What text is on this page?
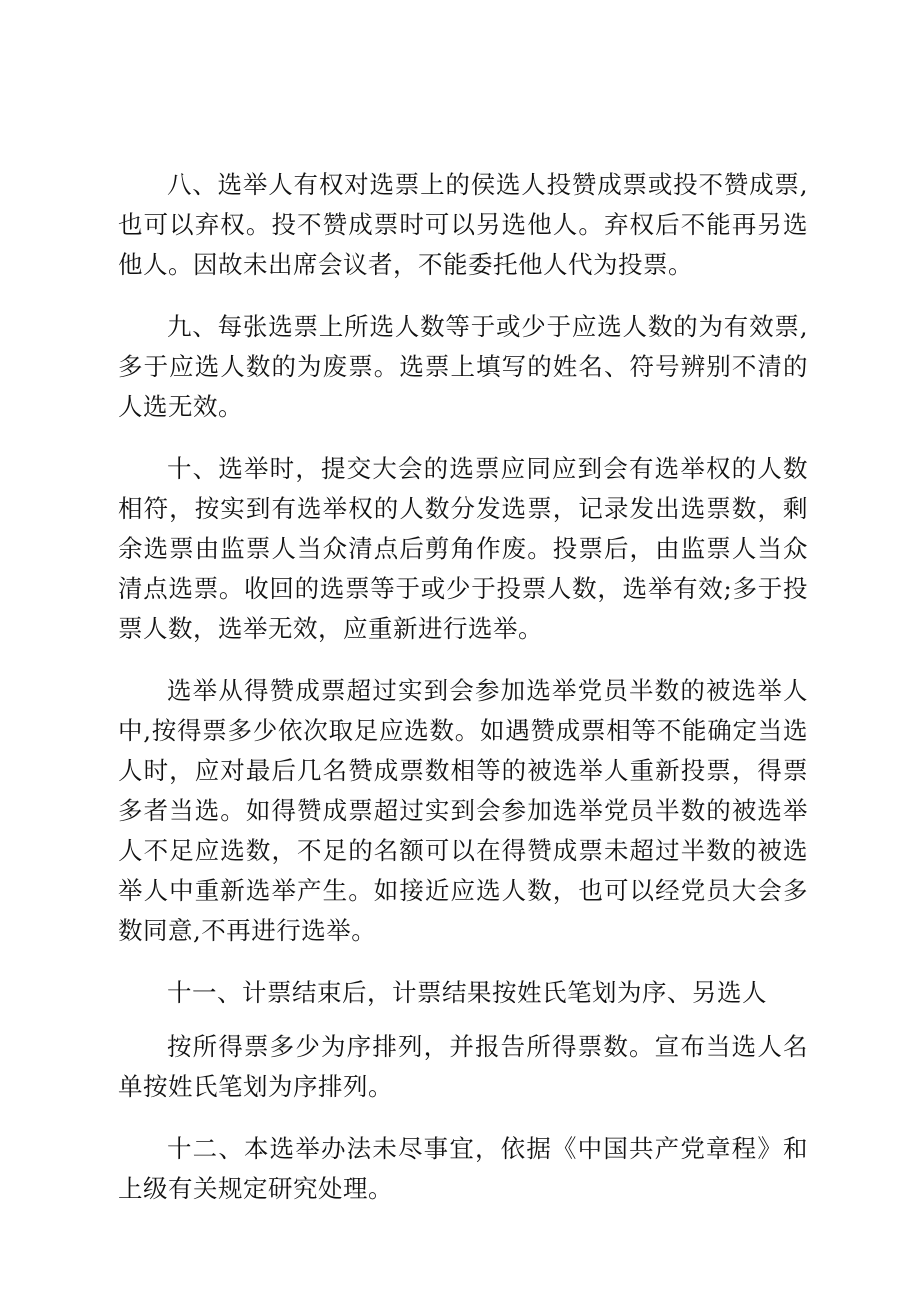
八、选举人有权对选票上的侯选人投赞成票或投不赞成票,也可以弃权。投不赞成票时可以另选他人。弃权后不能再另选他人。因故未出席会议者，不能委托他人代为投票。

九、每张选票上所选人数等于或少于应选人数的为有效票,多于应选人数的为废票。选票上填写的姓名、符号辨别不清的人选无效。

十、选举时，提交大会的选票应同应到会有选举权的人数相符，按实到有选举权的人数分发选票，记录发出选票数，剩余选票由监票人当众清点后剪角作废。投票后，由监票人当众清点选票。收回的选票等于或少于投票人数，选举有效;多于投票人数，选举无效，应重新进行选举。

选举从得赞成票超过实到会参加选举党员半数的被选举人中,按得票多少依次取足应选数。如遇赞成票相等不能确定当选人时，应对最后几名赞成票数相等的被选举人重新投票，得票多者当选。如得赞成票超过实到会参加选举党员半数的被选举人不足应选数，不足的名额可以在得赞成票未超过半数的被选举人中重新选举产生。如接近应选人数，也可以经党员大会多数同意,不再进行选举。

十一、计票结束后，计票结果按姓氏笔划为序、另选人

按所得票多少为序排列，并报告所得票数。宣布当选人名单按姓氏笔划为序排列。

十二、本选举办法未尽事宜，依据《中国共产党章程》和上级有关规定研究处理。
